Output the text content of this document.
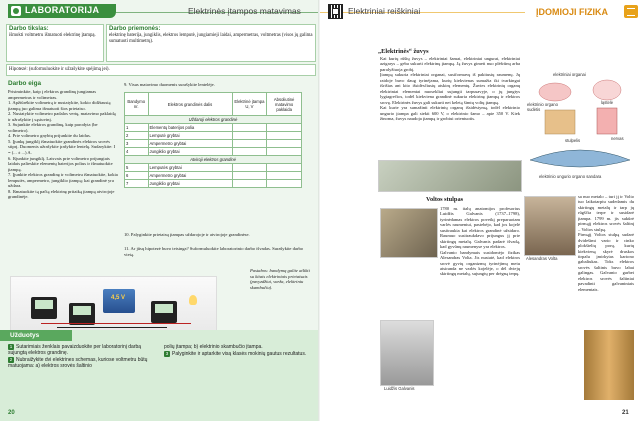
LABORATORIJA	Elektrinės įtampos matavimas
Darbo tikslas:
išmokti voltmetru išmatuoti elektrinę įtampą.
Darbo priemonės:
elektrinę baterija, jungiklis, elektros lemputė, jungiamieji laidai, ampermetras, voltmetras (visos jų galima sumatuoti multimetrų).
Hipotezė: (suformuluokite ir užrašykite spėjimą jei).
Darbo eiga
Prisiminkite, kaip į elektros grandinę jungiamas ampermetras ir voltmetras.
1. Apžiūrėkite voltmetrą ir nustatykite, kokio didžiausią įtampą juo galima išmatuoti šios prietaiso.
2. Nustatykite voltmetro padalos vertę, matavimo paklaidą ir užrašykite į sąsiuvinį.
3. Sujunkite elektros grandinę, kaip parodyta (be voltmetro).
4. Prie voltmetro gnybtų prijunkite du laidus.
5. Įjunkę jungiklį išmatuokite grandinės elektros srovės stiprį. Duomenis užrašykite įrašykite lentelę. Sudarykite: I = (... ± ...) A.
6. Išjunkite jungiklį. Laisvais prie voltmetro prijungtais laidais palieskite elementų baterijos polius ir išmatuokite įtampą.
7. Įjunkite elektros grandinę ir voltmetru išmatuokite, kokia lemputės, ampermetro, jungiklio įtampą; kai grandinė yra uždara.
8. Išmatuokite tą pačią elektrinę pritaiką įtampą atvirojoje grandinėje.
9. Visus matavimo duomenis surašykite lentelėje.
Bandymo nr.	Elektros grandinės dalis	Elektrinė įtampa U, V	Absoliutinė matavimo paklaida
Uždaroji elektros grandinė			
1	Elementų baterijos polia		
2	Lemputė grybtai		
3	Ampermetro grybtai		
4	Jungiklio grybtai		
Atviroji elektros grandinė			
5	Lemputės grybtai		
6	Ampermetro grybtai		
7	Jungiklio grybtai		
10. Palyginkite prietaisų įtampas uždarojoje ir atvirojoje grandinėse.
11. Ar jūsų hipotezė buvo teisinga? Suformuluokite laboratorinio darbo išvadas. Surašykite darbo vietą.
Pastabos: bandymą galite atlikti su kitais elektriniais prietaisais (pavyzdžiui, varža, elektriniu skambučiu).
4,5 V
Užduotys
1 Sutarimiais ženklais pavaizduokite per laboratorinį darbą sujungtą elektros grandinę.
2 Nubraižykite dvi elektrines schemas, kuriose voltmetru būtų matuojama: a) elektros srovės šaltinio
polių įtampa; b) elektrinio skambučio įtampa.
3 Palyginkite ir aptarkite visą klasės mokinių gautus rezultatus.
20
Elektriniai reiškiniai	ĮDOMIOJI FIZIKA
„Elektrinės“ žuvys
Kai kurių rūšių žuvys – elektriniai šamai, elektriniai ungurai, elektriniai azigarys – geba sukurti elektrinę įtampą. Ją žuvys gimeti nuo plėšrūnų arba paralyžiuoja grobį.
Įtampą sukuria elektriniai organai, susiformavę iš pakitusių raumenų. Jų raidoje buvo daug tyrinėjama, kurių kiekvienas sumažia iki tvarkingai išrištas ant kito išsidėsčiusių atskirų elementų. Žuvies elektrinių organų elektriniai elementai nuosekliai sujungti tarpusavyje, o jų jungtys lygiagrečios, todėl kiekviena grandinė sukuria elektrinę įtampą ir elektros srovę. Elektrinės žuvys gali sukurti net keletą šimtų voltų įtampą.
Kai kurie yra sumažinti elektrinių organų išsidėstymą, todėl elektrinio ungurio įtampa gali siekti 600 V, o elektrinio šamo – apie 350 V. Kiek žinoma, žuvys naudoja įtampą ir grobiui orientuotis.
elektriniai organai
elektrinio organo sudėtis
ląstelė
nervas
stulpelis
elektrinio ungurio organo sandara
Voltos stulpas
1780 m. italų anatomijos profesorius Luidžis Galvanis (1737–1798), tyrinėdamas elektros poveikį preparuotam varlės raumeniui, pastebėjo, kad jos kojelė susitraukia kai elektros grandinė užsidaro. Raumuo susitraukdavo prijungus jį prie skirtingų metalų. Galvanis padarė išvadą, kad gyvūnų raumenyse yra elektros.
Galvanio bandymais susidomėjo fizikas Alesandras Volta. Jis nustatė, kad elektros srovė gyvių organizmų tyrinėjimų metu atsiranda ne varlės kojelėje, o dėl dviejų skirtingų metalų, sujungtų per drėgną terpę.
Luidžis Galvanis
Alesandras Volta
sa nuo metalo – turi jį ir Volto tuo laikotarpiu sudedamis du skirtingų metalų ir tarp jų rūgščia terpe ir susidarė įtampa. 1799 m. jis sukūrė pirmąjį elektros srovės šaltinį – Voltos stulpą.
Pirmąjį Voltos stulpą sudarė dvidešimt vario ir cinko plokštelių porų, kurių kiekvieną skyrė druskos tirpalu įmirkytas kartono gabaliukas. Toks elektros srovės šaltinis buvo labai galingas. Galvanio garbei elektros srovės šaltiniai pavadinti galvaniniais elementais.
21
